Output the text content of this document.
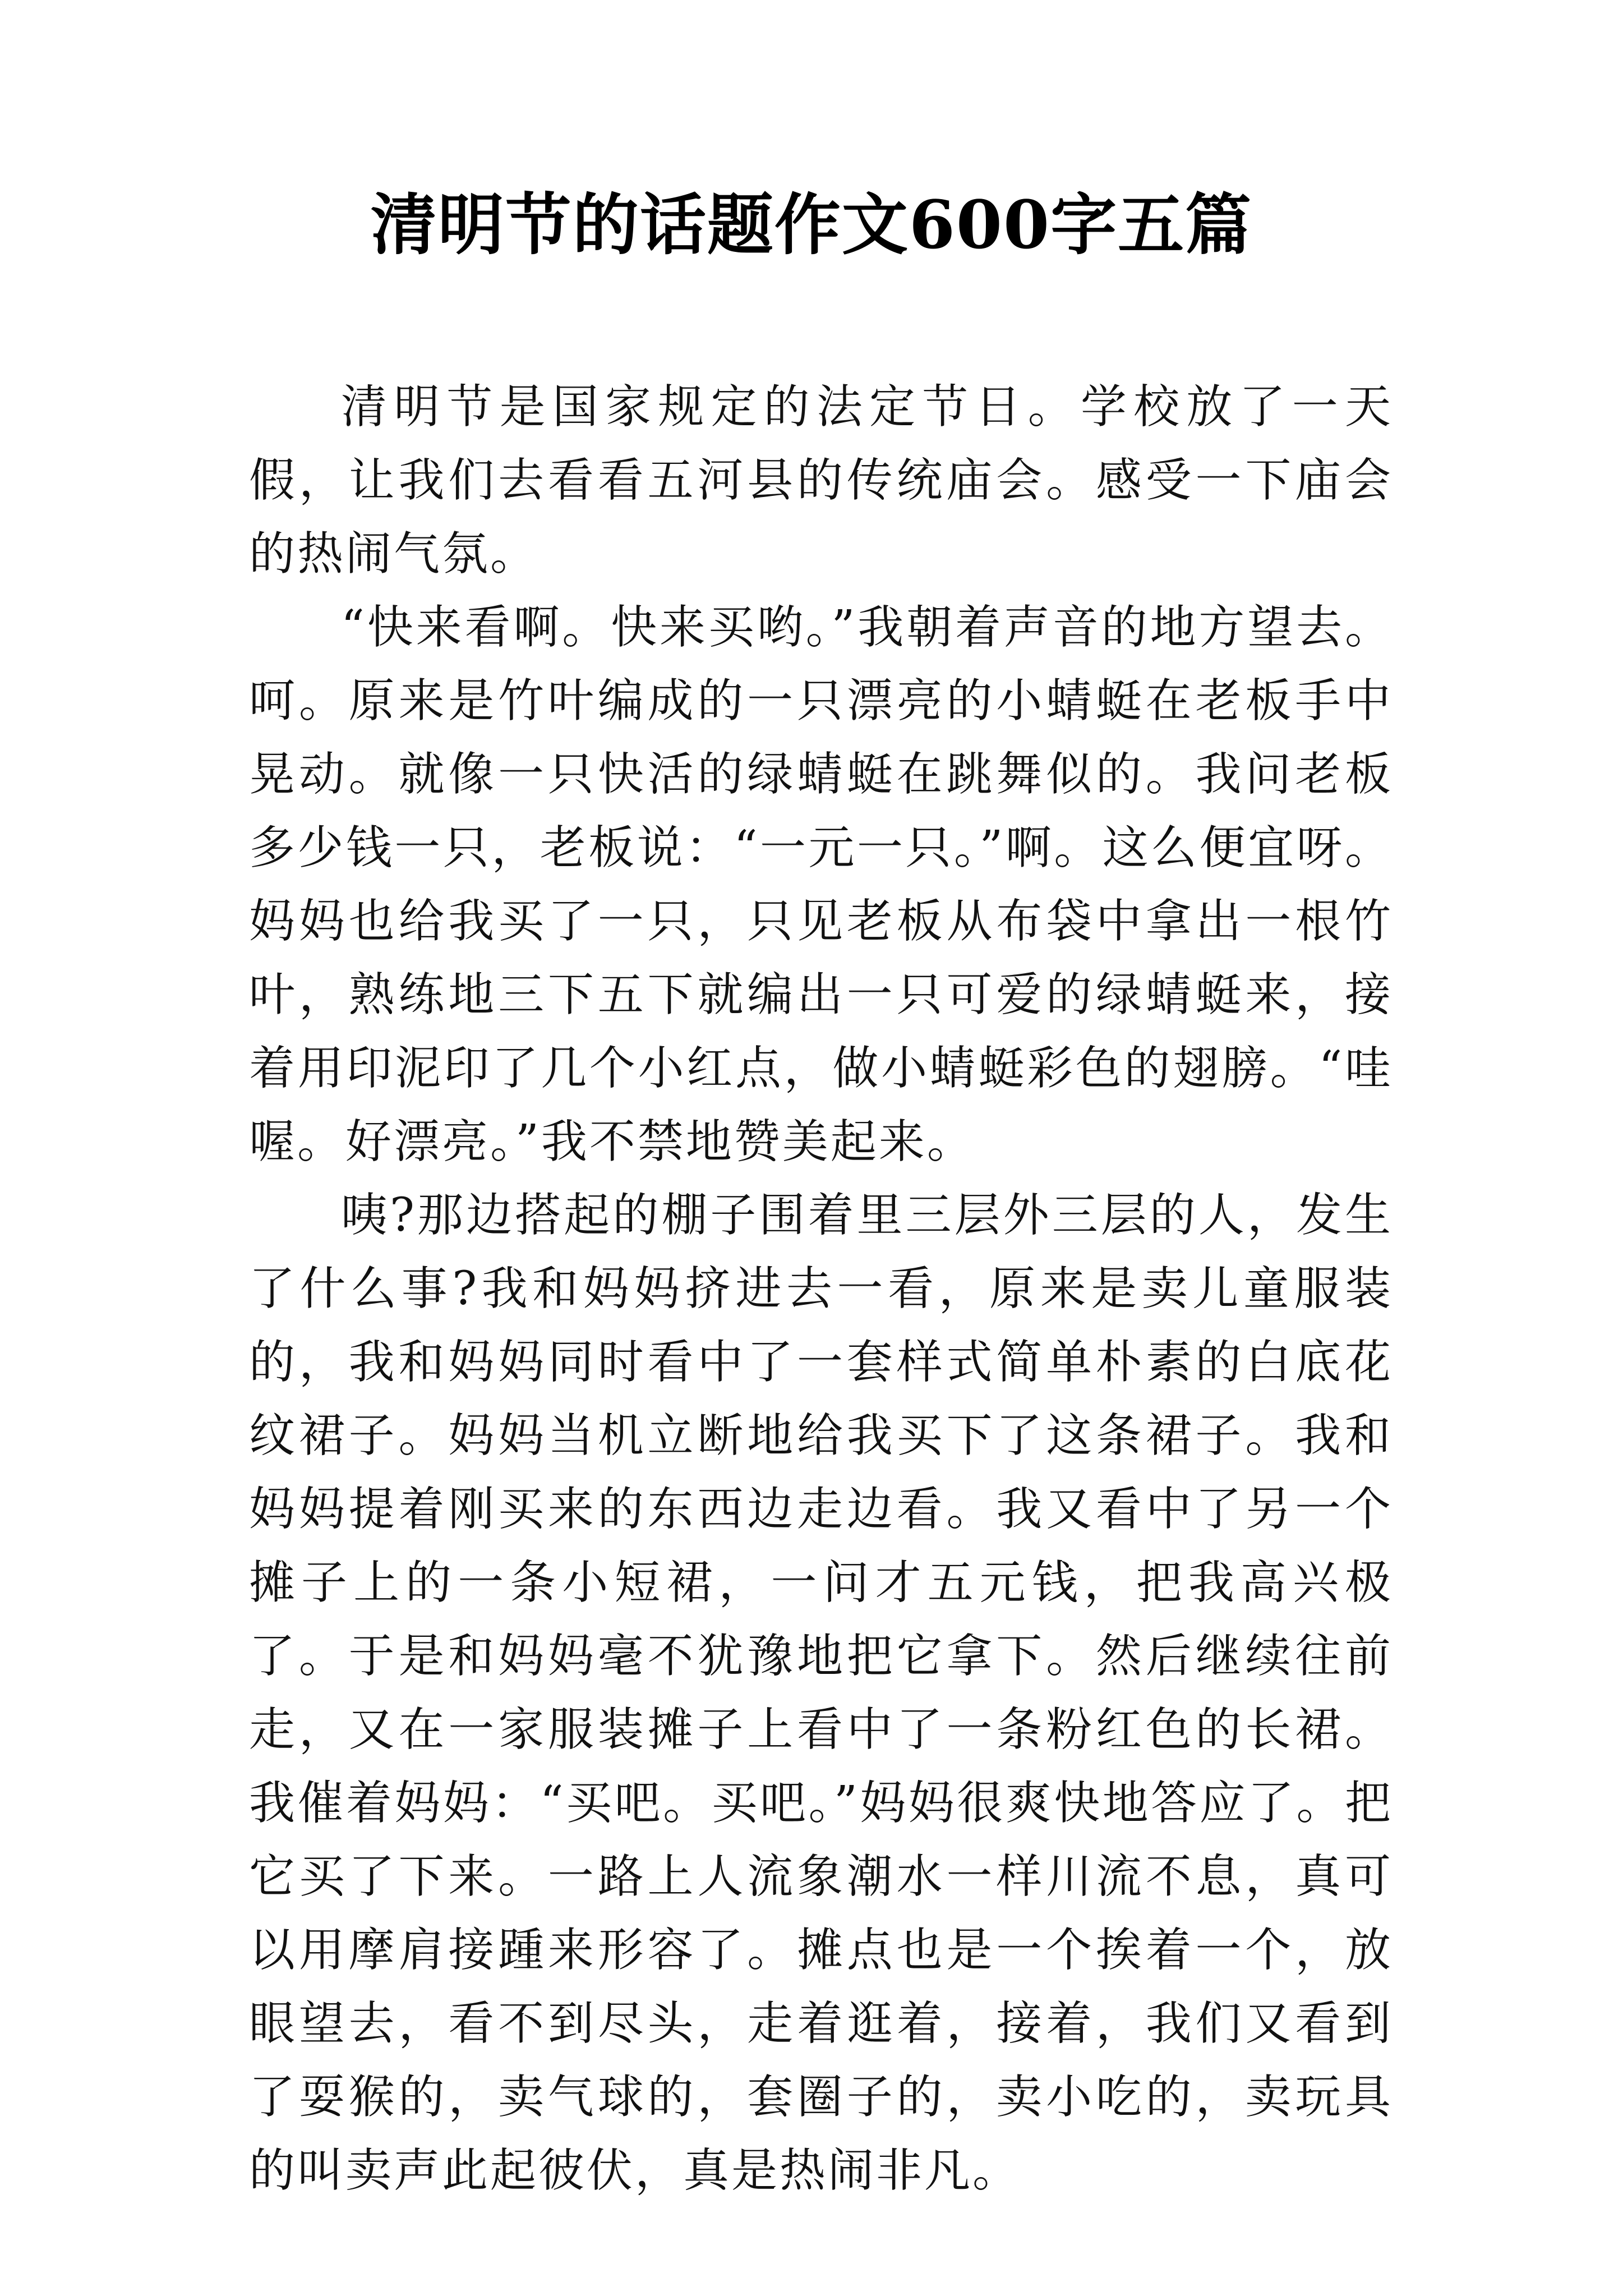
清明节的话题作文600字五篇

清明节是国家规定的法定节日。学校放了一天假，让我们去看看五河县的传统庙会。感受一下庙会的热闹气氛。

“快来看啊。快来买哟。”我朝着声音的地方望去。呵。原来是竹叶编成的一只漂亮的小蜻蜓在老板手中晃动。就像一只快活的绿蜻蜓在跳舞似的。我问老板多少钱一只，老板说：“一元一只。”啊。这么便宜呀。妈妈也给我买了一只，只见老板从布袋中拿出一根竹叶，熟练地三下五下就编出一只可爱的绿蜻蜓来，接着用印泥印了几个小红点，做小蜻蜓彩色的翅膀。“哇喔。好漂亮。”我不禁地赞美起来。

咦?那边搭起的棚子围着里三层外三层的人，发生了什么事?我和妈妈挤进去一看，原来是卖儿童服装的，我和妈妈同时看中了一套样式简单朴素的白底花纹裙子。妈妈当机立断地给我买下了这条裙子。我和妈妈提着刚买来的东西边走边看。我又看中了另一个摊子上的一条小短裙，一问才五元钱，把我高兴极了。于是和妈妈毫不犹豫地把它拿下。然后继续往前走，又在一家服装摊子上看中了一条粉红色的长裙。我催着妈妈：“买吧。买吧。”妈妈很爽快地答应了。把它买了下来。一路上人流象潮水一样川流不息，真可以用摩肩接踵来形容了。摊点也是一个挨着一个，放眼望去，看不到尽头，走着逛着，接着，我们又看到了耍猴的，卖气球的，套圈子的，卖小吃的，卖玩具的叫卖声此起彼伏，真是热闹非凡。
